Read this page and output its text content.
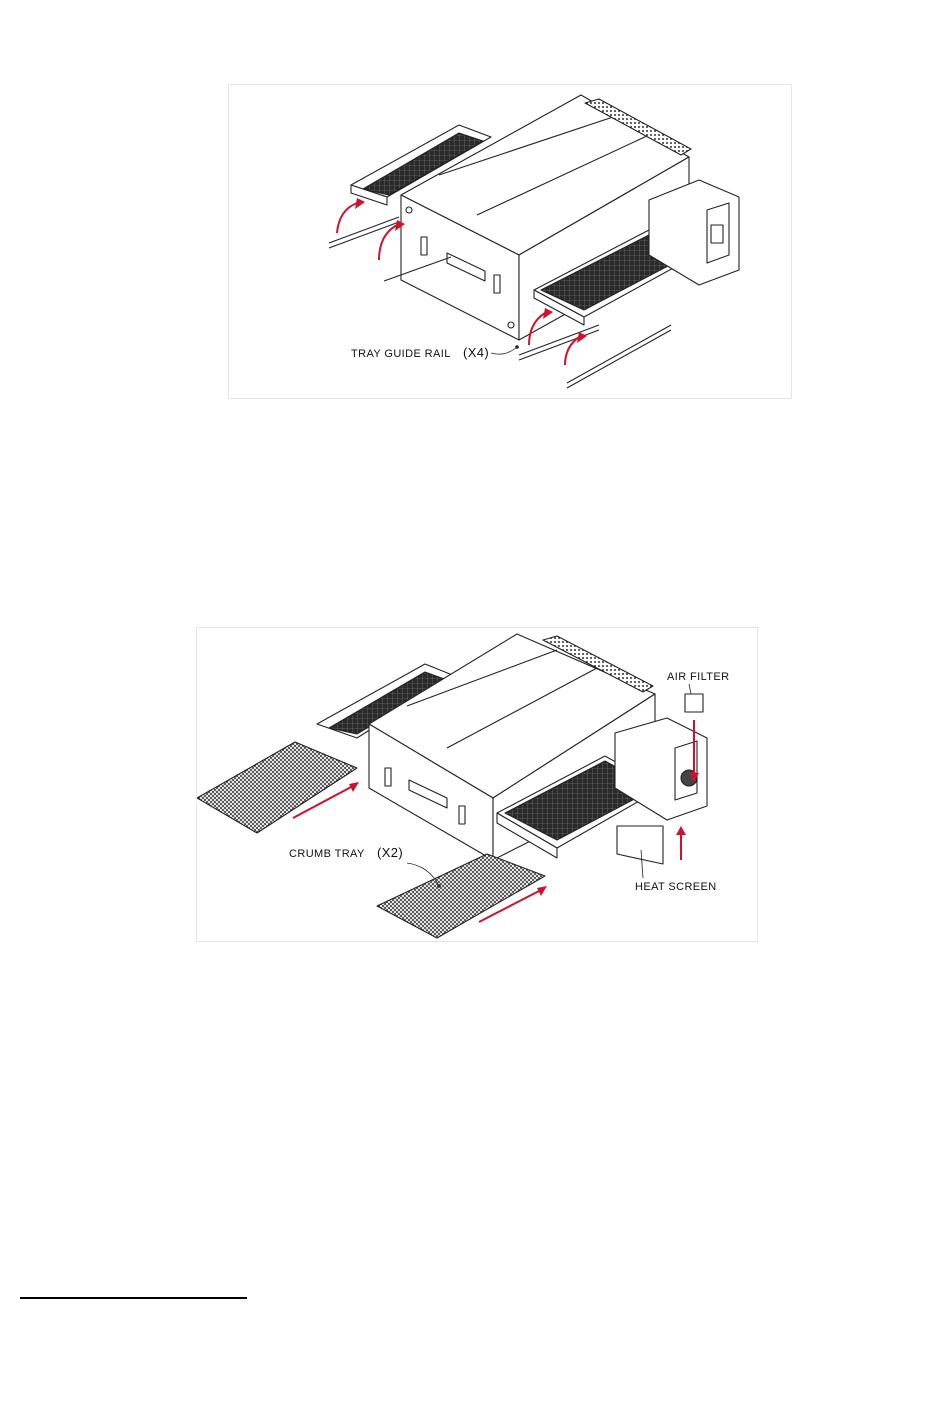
TRAY GUIDE RAIL (X4)
AIR FILTER
CRUMB TRAY (X2)
HEAT SCREEN
